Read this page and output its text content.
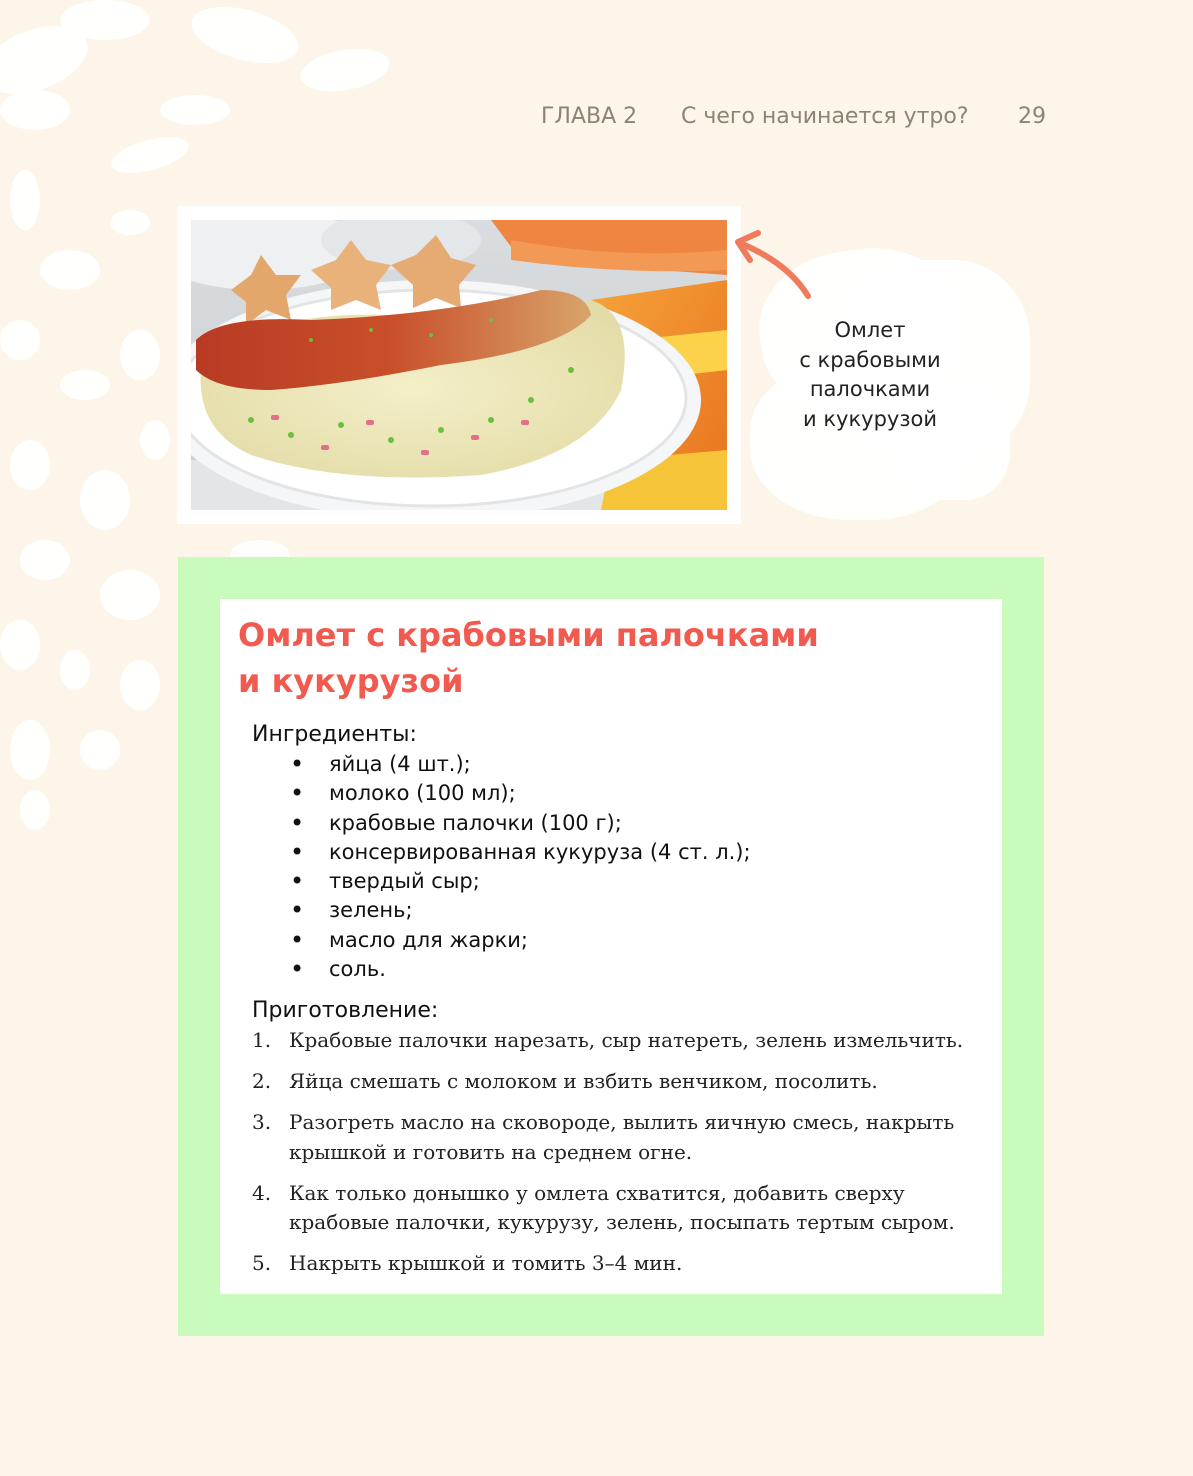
ГЛАВА 2 С чего начинается утро? 29
Омлет
с крабовыми
палочками
и кукурузой
Омлет с крабовыми палочками
и кукурузой
Ингредиенты:
• яйца (4 шт.);
• молоко (100 мл);
• крабовые палочки (100 г);
• консервированная кукуруза (4 ст. л.);
• твердый сыр;
• зелень;
• масло для жарки;
• соль.
Приготовление:
1. Крабовые палочки нарезать, сыр натереть, зелень измельчить.
2. Яйца смешать с молоком и взбить венчиком, посолить.
3. Разогреть масло на сковороде, вылить яичную смесь, накрыть крышкой и готовить на среднем огне.
4. Как только донышко у омлета схватится, добавить сверху крабовые палочки, кукурузу, зелень, посыпать тертым сыром.
5. Накрыть крышкой и томить 3–4 мин.
